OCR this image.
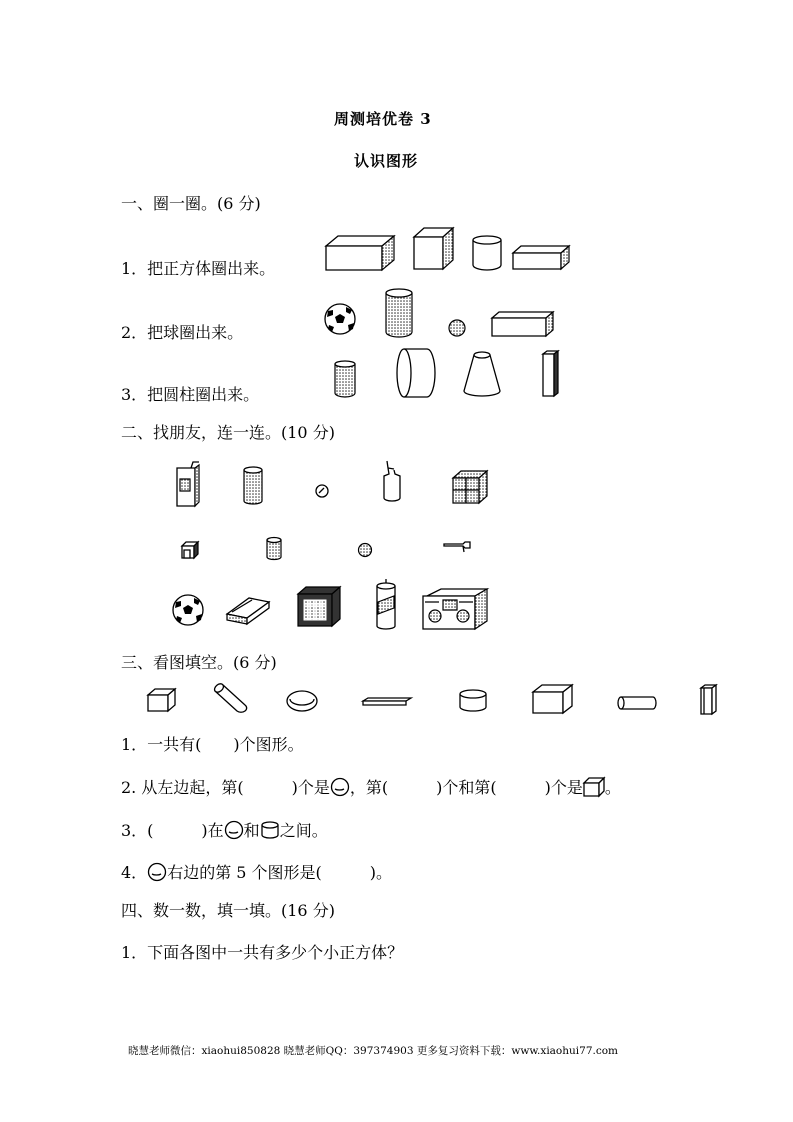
周测培优卷 3
认识图形
一、圈一圈。(6 分)
1．把正方体圈出来。
2．把球圈出来。
3．把圆柱圈出来。
二、找朋友，连一连。(10 分)
三、看图填空。(6 分)
1．一共有(　　)个图形。
2. 从左边起，第(　　　)个是 ，第(　　　)个和第(　　　)个是 。
3．(　　　)在 和 之间。
4． 右边的第 5 个图形是(　　　)。
四、数一数，填一填。(16 分)
1．下面各图中一共有多少个小正方体？
晓慧老师微信：xiaohui850828 晓慧老师QQ：397374903 更多复习资料下载：www.xiaohui77.com
